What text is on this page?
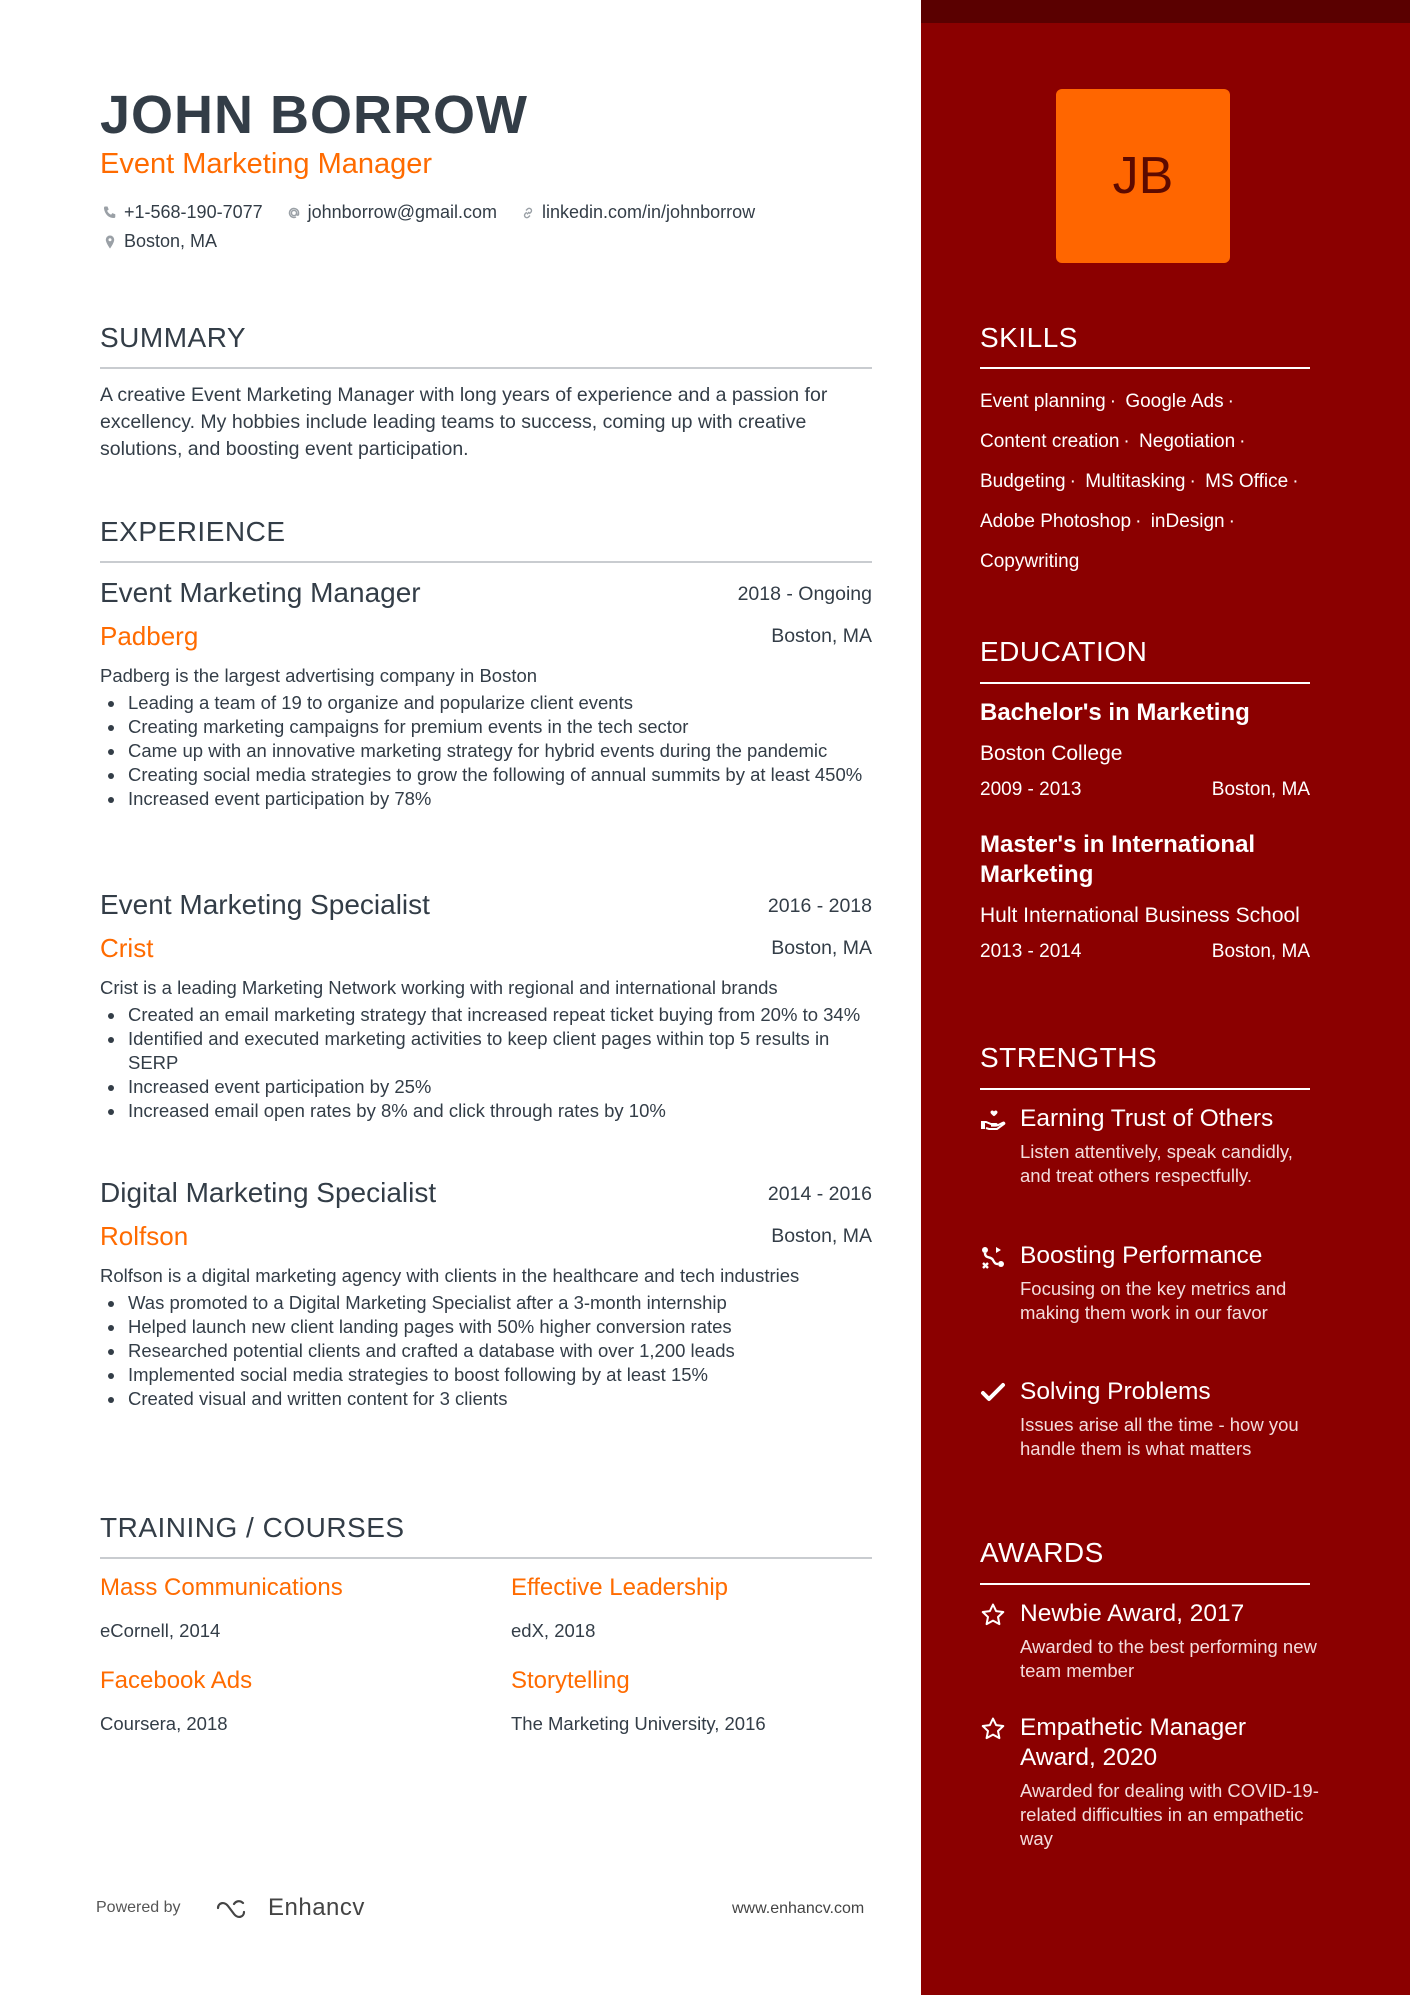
JOHN BORROW
Event Marketing Manager
+1-568-190-7077
	johnborrow@gmail.com
	linkedin.com/in/johnborrow

Boston, MA
SUMMARY
A creative Event Marketing Manager with long years of experience and a passion for excellency. My hobbies include leading teams to success, coming up with creative solutions, and boosting event participation.
EXPERIENCE
Event Marketing Manager	2018 - Ongoing
Padberg	Boston, MA
Padberg is the largest advertising company in Boston
Leading a team of 19 to organize and popularize client events
Creating marketing campaigns for premium events in the tech sector
Came up with an innovative marketing strategy for hybrid events during the pandemic
Creating social media strategies to grow the following of annual summits by at least 450%
Increased event participation by 78%
Event Marketing Specialist	2016 - 2018
Crist	Boston, MA
Crist is a leading Marketing Network working with regional and international brands
Created an email marketing strategy that increased repeat ticket buying from 20% to 34%
Identified and executed marketing activities to keep client pages within top 5 results in SERP
Increased event participation by 25%
Increased email open rates by 8% and click through rates by 10%
Digital Marketing Specialist	2014 - 2016
Rolfson	Boston, MA
Rolfson is a digital marketing agency with clients in the healthcare and tech industries
Was promoted to a Digital Marketing Specialist after a 3-month internship
Helped launch new client landing pages with 50% higher conversion rates
Researched potential clients and crafted a database with over 1,200 leads
Implemented social media strategies to boost following by at least 15%
Created visual and written content for 3 clients
TRAINING / COURSES
Mass Communications
eCornell, 2014
Effective Leadership
edX, 2018
Facebook Ads
Coursera, 2018
Storytelling
The Marketing University, 2016
Powered by	Enhancv	www.enhancv.com
JB
SKILLS
Event planning · Google Ads ·
Content creation · Negotiation ·
Budgeting · Multitasking · MS Office ·
Adobe Photoshop · inDesign ·
Copywriting
EDUCATION
Bachelor's in Marketing
Boston College
2009 - 2013	Boston, MA
Master's in International Marketing
Hult International Business School
2013 - 2014	Boston, MA
STRENGTHS
Earning Trust of Others
Listen attentively, speak candidly, and treat others respectfully.
Boosting Performance
Focusing on the key metrics and making them work in our favor
Solving Problems
Issues arise all the time - how you handle them is what matters
AWARDS
Newbie Award, 2017
Awarded to the best performing new team member
Empathetic Manager Award, 2020
Awarded for dealing with COVID-19-related difficulties in an empathetic way
